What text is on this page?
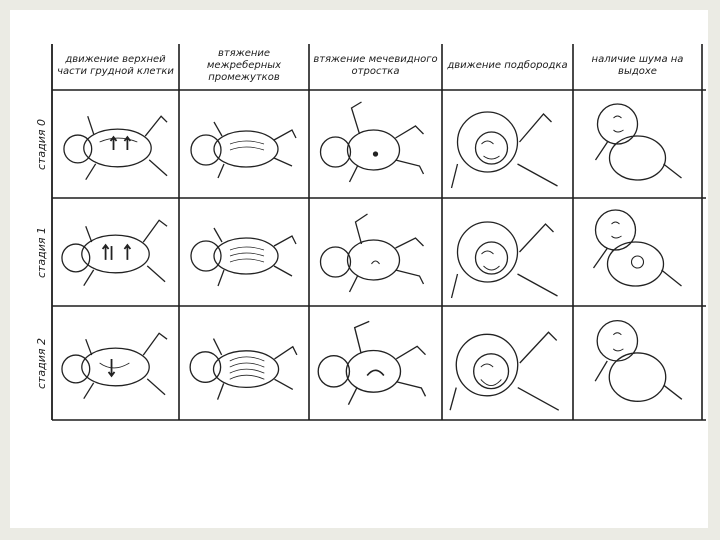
движение верхней части грудной клетки
втяжение межреберных промежутков
втяжение мечевидного отростка
движение подбородка
наличие шума на выдохе
стадия 0
стадия 1
стадия 2
